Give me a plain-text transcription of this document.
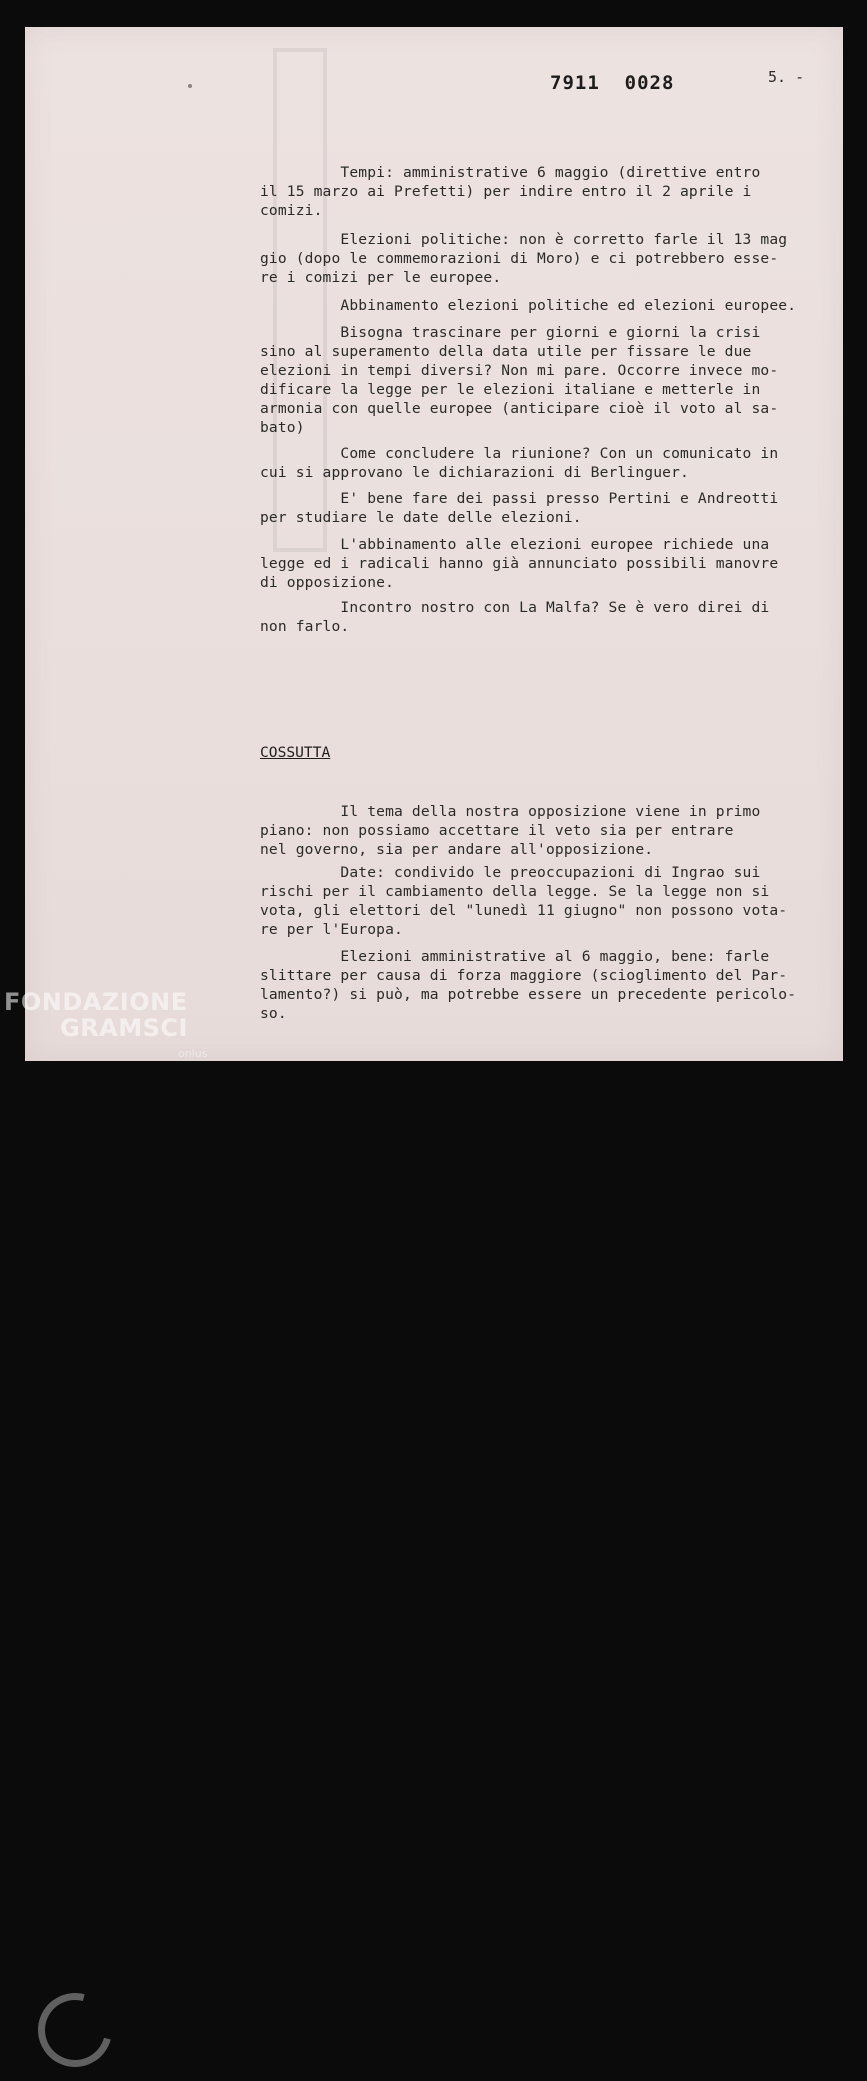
7911  0028	5. -
Tempi: amministrative 6 maggio (direttive entro
il 15 marzo ai Prefetti) per indire entro il 2 aprile i
comizi.
Elezioni politiche: non è corretto farle il 13 mag
gio (dopo le commemorazioni di Moro) e ci potrebbero esse-
re i comizi per le europee.
Abbinamento elezioni politiche ed elezioni europee.
Bisogna trascinare per giorni e giorni la crisi
sino al superamento della data utile per fissare le due
elezioni in tempi diversi? Non mi pare. Occorre invece mo-
dificare la legge per le elezioni italiane e metterle in
armonia con quelle europee (anticipare cioè il voto al sa-
bato)
Come concludere la riunione? Con un comunicato in
cui si approvano le dichiarazioni di Berlinguer.
E' bene fare dei passi presso Pertini e Andreotti
per studiare le date delle elezioni.
L'abbinamento alle elezioni europee richiede una
legge ed i radicali hanno già annunciato possibili manovre
di opposizione.
Incontro nostro con La Malfa? Se è vero direi di
non farlo.
COSSUTTA
Il tema della nostra opposizione viene in primo
piano: non possiamo accettare il veto sia per entrare
nel governo, sia per andare all'opposizione.
Date: condivido le preoccupazioni di Ingrao sui
rischi per il cambiamento della legge. Se la legge non si
vota, gli elettori del "lunedì 11 giugno" non possono vota-
re per l'Europa.
Elezioni amministrative al 6 maggio, bene: farle
slittare per causa di forza maggiore (scioglimento del Par-
lamento?) si può, ma potrebbe essere un precedente pericolo-
so.
FONDAZIONE
GRAMSCI
onlus
